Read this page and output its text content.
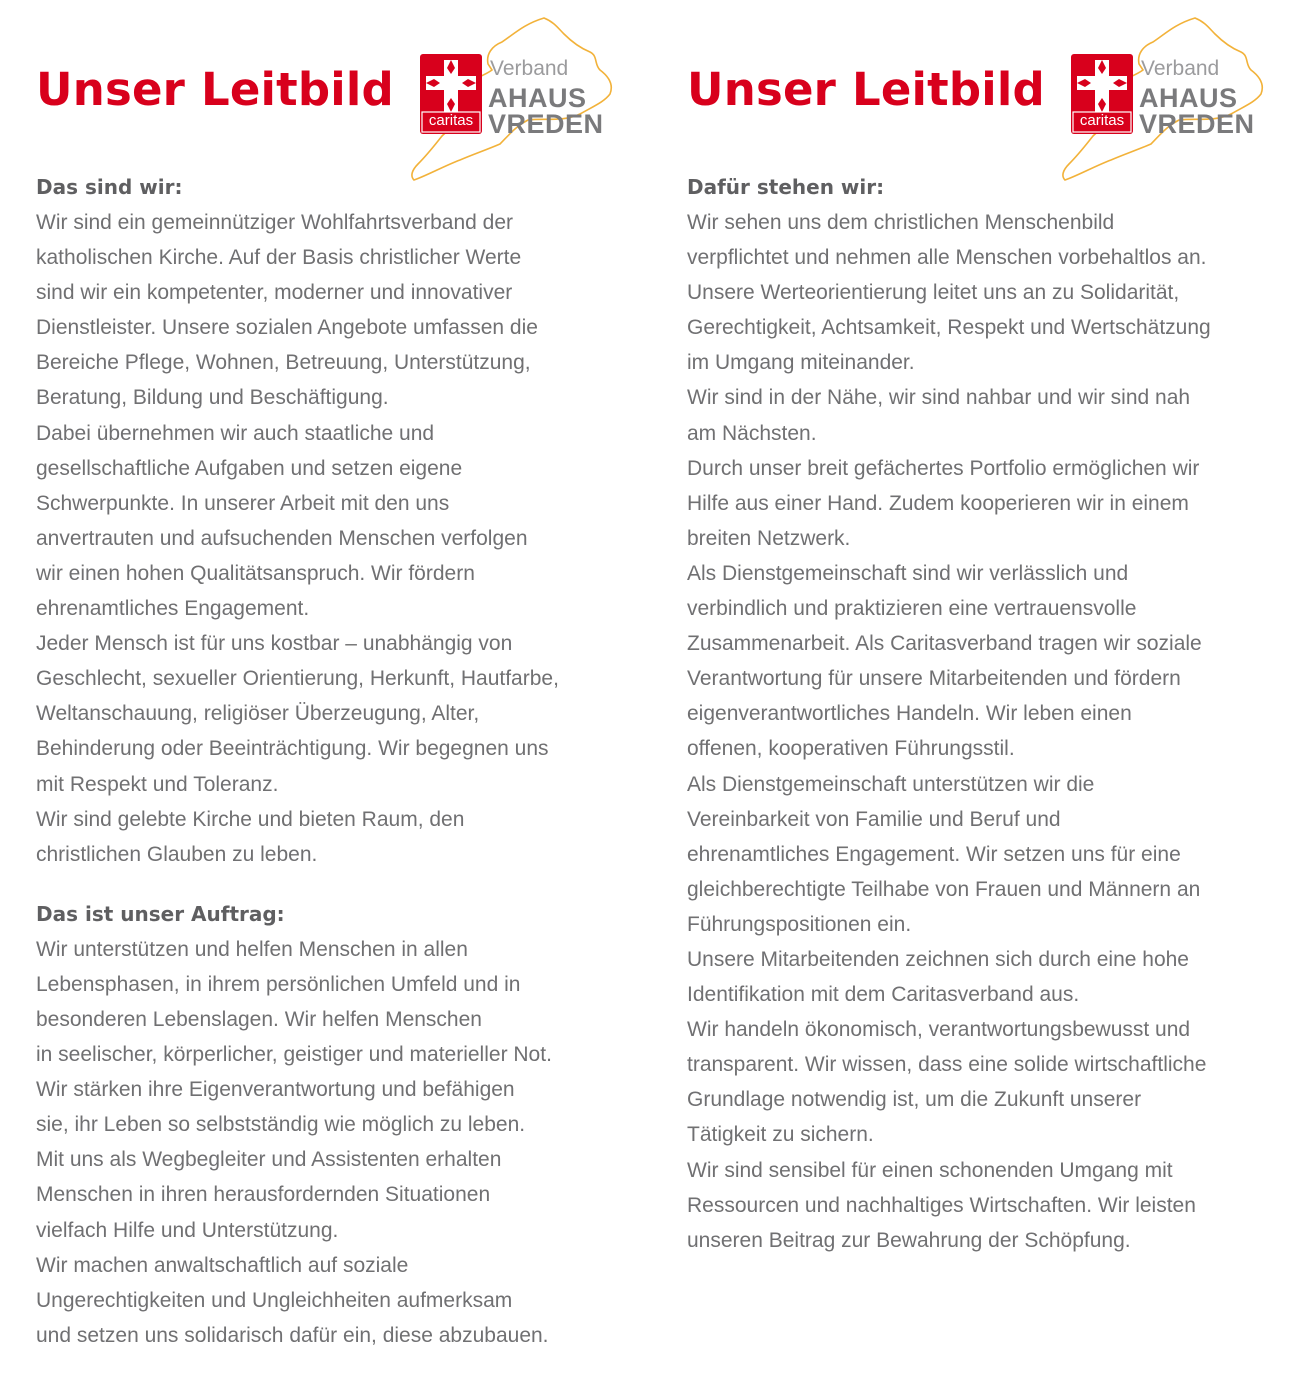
Unser Leitbild
caritas
Verband
AHAUS
VREDEN
Das sind wir:
Wir sind ein gemeinnütziger Wohlfahrtsverband der
katholischen Kirche. Auf der Basis christlicher Werte
sind wir ein kompetenter, moderner und innovativer
Dienstleister. Unsere sozialen Angebote umfassen die
Bereiche Pflege, Wohnen, Betreuung, Unterstützung,
Beratung, Bildung und Beschäftigung.
Dabei übernehmen wir auch staatliche und
gesellschaftliche Aufgaben und setzen eigene
Schwerpunkte. In unserer Arbeit mit den uns
anvertrauten und aufsuchenden Menschen verfolgen
wir einen hohen Qualitätsanspruch. Wir fördern
ehrenamtliches Engagement.
Jeder Mensch ist für uns kostbar – unabhängig von
Geschlecht, sexueller Orientierung, Herkunft, Hautfarbe,
Weltanschauung, religiöser Überzeugung, Alter,
Behinderung oder Beeinträchtigung. Wir begegnen uns
mit Respekt und Toleranz.
Wir sind gelebte Kirche und bieten Raum, den
christlichen Glauben zu leben.
Das ist unser Auftrag:
Wir unterstützen und helfen Menschen in allen
Lebensphasen, in ihrem persönlichen Umfeld und in
besonderen Lebenslagen. Wir helfen Menschen
in seelischer, körperlicher, geistiger und materieller Not.
Wir stärken ihre Eigenverantwortung und befähigen
sie, ihr Leben so selbstständig wie möglich zu leben.
Mit uns als Wegbegleiter und Assistenten erhalten
Menschen in ihren herausfordernden Situationen
vielfach Hilfe und Unterstützung.
Wir machen anwaltschaftlich auf soziale
Ungerechtigkeiten und Ungleichheiten aufmerksam
und setzen uns solidarisch dafür ein, diese abzubauen.
Unser Leitbild
caritas
Verband
AHAUS
VREDEN
Dafür stehen wir:
Wir sehen uns dem christlichen Menschenbild
verpflichtet und nehmen alle Menschen vorbehaltlos an.
Unsere Werteorientierung leitet uns an zu Solidarität,
Gerechtigkeit, Achtsamkeit, Respekt und Wertschätzung
im Umgang miteinander.
Wir sind in der Nähe, wir sind nahbar und wir sind nah
am Nächsten.
Durch unser breit gefächertes Portfolio ermöglichen wir
Hilfe aus einer Hand. Zudem kooperieren wir in einem
breiten Netzwerk.
Als Dienstgemeinschaft sind wir verlässlich und
verbindlich und praktizieren eine vertrauensvolle
Zusammenarbeit. Als Caritasverband tragen wir soziale
Verantwortung für unsere Mitarbeitenden und fördern
eigenverantwortliches Handeln. Wir leben einen
offenen, kooperativen Führungsstil.
Als Dienstgemeinschaft unterstützen wir die
Vereinbarkeit von Familie und Beruf und
ehrenamtliches Engagement. Wir setzen uns für eine
gleichberechtigte Teilhabe von Frauen und Männern an
Führungspositionen ein.
Unsere Mitarbeitenden zeichnen sich durch eine hohe
Identifikation mit dem Caritasverband aus.
Wir handeln ökonomisch, verantwortungsbewusst und
transparent. Wir wissen, dass eine solide wirtschaftliche
Grundlage notwendig ist, um die Zukunft unserer
Tätigkeit zu sichern.
Wir sind sensibel für einen schonenden Umgang mit
Ressourcen und nachhaltiges Wirtschaften. Wir leisten
unseren Beitrag zur Bewahrung der Schöpfung.
